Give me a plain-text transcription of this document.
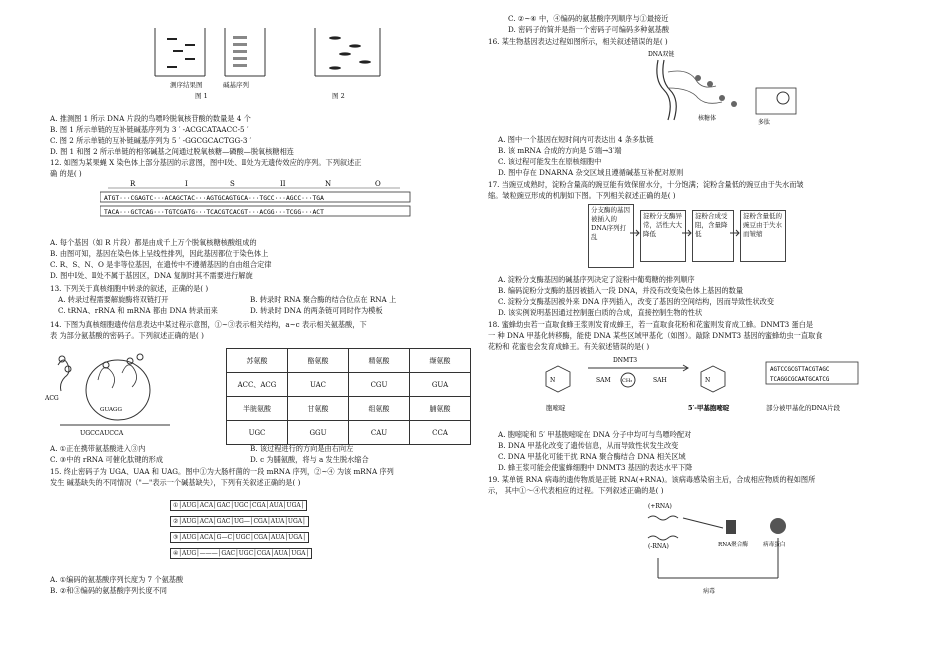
测序结果图	碱基序列
图 1	图 2
A. 推测图 1 所示 DNA 片段的鸟嘌呤脱氧核苷酸的数量是 4 个
B. 图 1 所示单链的互补链碱基序列为 3 ′ -ACGCATAACC-5 ′
C. 图 2 所示单链的互补链碱基序列为 5 ′ -GGCGCACTGG-3 ′
D. 图 1 和图 2 所示单链的相邻碱基之间通过脱氧核糖—磷酸—脱氧核糖相连
12. 如图为某果蝇 X 染色体上部分基因的示意图，图中Ⅰ处、Ⅱ处为无遗传效应的序列。下列叙述正
确 的是( )
R	I	S	II	N	O
ATGT···CGAGTC···ACAGCTAC···AGTGCAGTGCA···TGCC···AGCC···TGA
TACA···GCTCAG···TGTCGATG···TCACGTCACGT···ACGG···TCGG···ACT
A. 每个基因（如 R 片段）都是由成千上万个脱氧核糖核酸组成的
B. 由图可知，基因在染色体上呈线性排列，因此基因都位于染色体上
C. R、S、N、O 是非等位基因，在遗传中不遵循基因的自由组合定律
D. 图中Ⅰ处、Ⅱ处不属于基因区，DNA 复制时其不需要进行解旋
13. 下列关于真核细胞中转录的叙述，正确的是( )
A. 转录过程需要解旋酶将双链打开	B. 转录时 RNA 聚合酶的结合位点在 RNA 上
C. tRNA、rRNA 和 mRNA 都由 DNA 转录而来	D. 转录时 DNA 的两条链可同时作为模板
14. 下图为真核细胞遗传信息表达中某过程示意图，①~③表示相关结构，a~c 表示相关氨基酸，下
表 为部分氨基酸的密码子。下列叙述正确的是( )
ACG
GUAGG
UGCCAUCCA
苏氨酸	酪氨酸	精氨酸	缬氨酸
ACC、ACG	UAC	CGU	GUA
半胱氨酸	甘氨酸	组氨酸	脯氨酸
UGC	GGU	CAU	CCA
A. ①正在携带氨基酸进入③内	B. 该过程进行的方向是由右向左
C. ③中的 rRNA 可催化肽键的形成	D. c 为脯氨酸，将与 a 发生脱水缩合
15. 终止密码子为 UGA、UAA 和 UAG。图中①为大肠杆菌的一段 mRNA 序列，②~④ 为该 mRNA 序列
发生 碱基缺失的不同情况（"—"表示一个碱基缺失），下列有关叙述正确的是( )
①│AUG│ACA│GAC│UGC│CGA│AUA│UGA│
②│AUG│ACA│GAC│UG—│CGA│AUA│UGA│
③│AUG│ACA│G—C│UGC│CGA│AUA│UGA│
④│AUG│———│GAC│UGC│CGA│AUA│UGA│
A. ①编码的氨基酸序列长度为 7 个氨基酸
B. ②和③编码的氨基酸序列长度不同
C. ②~④ 中，④编码的氨基酸序列顺序与①最接近
D. 密码子的简并是指一个密码子可编码多种氨基酸
16. 某生物基因表达过程如图所示，相关叙述错误的是( )
DNA双链
核糖体
多肽
A. 图中一个基因在短时间内可表达出 4 条多肽链
B. 该 mRNA 合成的方向是 5′端→3′端
C. 该过程可能发生在原核细胞中
D. 图中存在 DNARNA 杂交区域且遵循碱基互补配对原则
17. 当豌豆成熟时，淀粉含量高的豌豆能有效保留水分，十分饱满；淀粉含量低的豌豆由于失水而皱
缩。皱粒豌豆形成的机制如下图。下列相关叙述正确的是( )
分支酶的基因被插入的DNA序列打乱
淀粉分支酶异常，活性大大降低
淀粉合成受阻，含量降低
淀粉含量低的豌豆由于失水而皱缩
A. 淀粉分支酶基因的碱基序列决定了淀粉中葡萄糖的排列顺序
B. 编码淀粉分支酶的基因被插入一段 DNA，并没有改变染色体上基因的数量
C. 淀粉分支酶基因被外来 DNA 序列插入，改变了基因的空间结构，因而导致性状改变
D. 该实例说明基因通过控制蛋白质的合成，直接控制生物的性状
18. 蜜蜂幼虫若一直取食蜂王浆则发育成蜂王，若一直取食花粉和花蜜则发育成工蜂。DNMT3 蛋白是
一 种 DNA 甲基化转移酶，能使 DNA 某些区域甲基化（如图）。敲除 DNMT3 基因的蜜蜂幼虫一直取食
花粉和 花蜜也会发育成蜂王。有关叙述错误的是( )
N	N
DNMT3
SAM CH₃	SAH
胞嘧啶	5′-甲基胞嘧啶
AGTCCGCGTTACGTAGC
TCAGGCGCAATGCATCG
部分被甲基化的DNA片段
A. 胞嘧啶和 5′ 甲基胞嘧啶在 DNA 分子中均可与鸟嘌呤配对
B. DNA 甲基化改变了遗传信息，从而导致性状发生改变
C. DNA 甲基化可能干扰 RNA 聚合酶结合 DNA 相关区域
D. 蜂王浆可能会使蜜蜂细胞中 DNMT3 基因的表达水平下降
19. 某单链 RNA 病毒的遗传物质是正链 RNA(+RNA)。该病毒感染宿主后，合成相应物质的程如图所
示， 其中①～④代表相应的过程。下列叙述正确的是( )
(+RNA)
(-RNA)	RNA聚合酶	病毒蛋白
病毒
